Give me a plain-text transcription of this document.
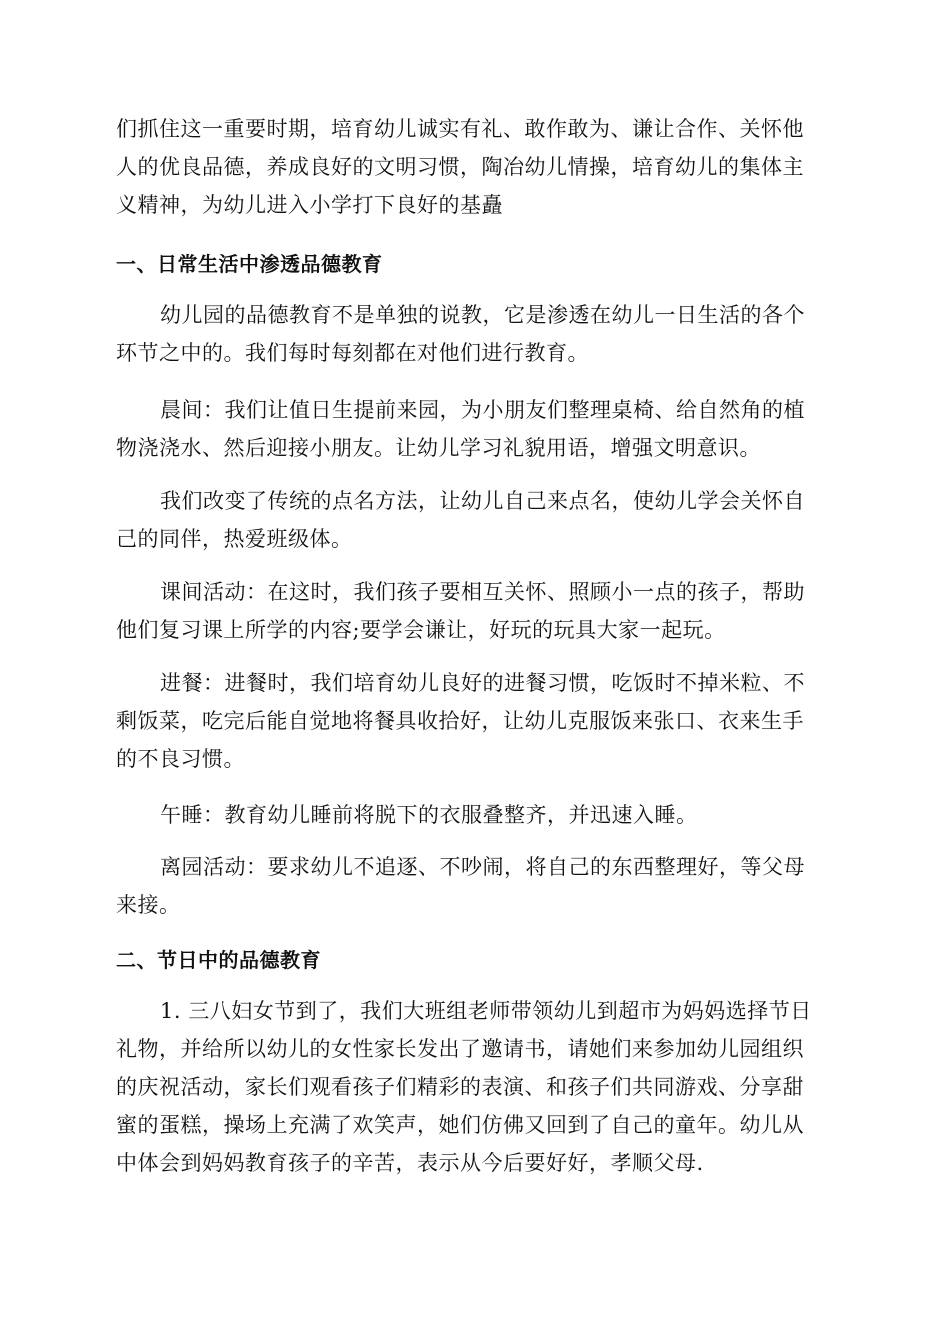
们抓住这一重要时期，培育幼儿诚实有礼、敢作敢为、谦让合作、关怀他
人的优良品德，养成良好的文明习惯，陶冶幼儿情操，培育幼儿的集体主
义精神，为幼儿进入小学打下良好的基矗
一、日常生活中渗透品德教育
幼儿园的品德教育不是单独的说教，它是渗透在幼儿一日生活的各个
环节之中的。我们每时每刻都在对他们进行教育。
晨间：我们让值日生提前来园，为小朋友们整理桌椅、给自然角的植
物浇浇水、然后迎接小朋友。让幼儿学习礼貌用语，增强文明意识。
我们改变了传统的点名方法，让幼儿自己来点名，使幼儿学会关怀自
己的同伴，热爱班级体。
课间活动：在这时，我们孩子要相互关怀、照顾小一点的孩子，帮助
他们复习课上所学的内容;要学会谦让，好玩的玩具大家一起玩。
进餐：进餐时，我们培育幼儿良好的进餐习惯，吃饭时不掉米粒、不
剩饭菜，吃完后能自觉地将餐具收拾好，让幼儿克服饭来张口、衣来生手
的不良习惯。
午睡：教育幼儿睡前将脱下的衣服叠整齐，并迅速入睡。
离园活动：要求幼儿不追逐、不吵闹，将自己的东西整理好，等父母
来接。
二、节日中的品德教育
1. 三八妇女节到了，我们大班组老师带领幼儿到超市为妈妈选择节日
礼物，并给所以幼儿的女性家长发出了邀请书，请她们来参加幼儿园组织
的庆祝活动，家长们观看孩子们精彩的表演、和孩子们共同游戏、分享甜
蜜的蛋糕，操场上充满了欢笑声，她们仿佛又回到了自己的童年。幼儿从
中体会到妈妈教育孩子的辛苦，表示从今后要好好，孝顺父母.
